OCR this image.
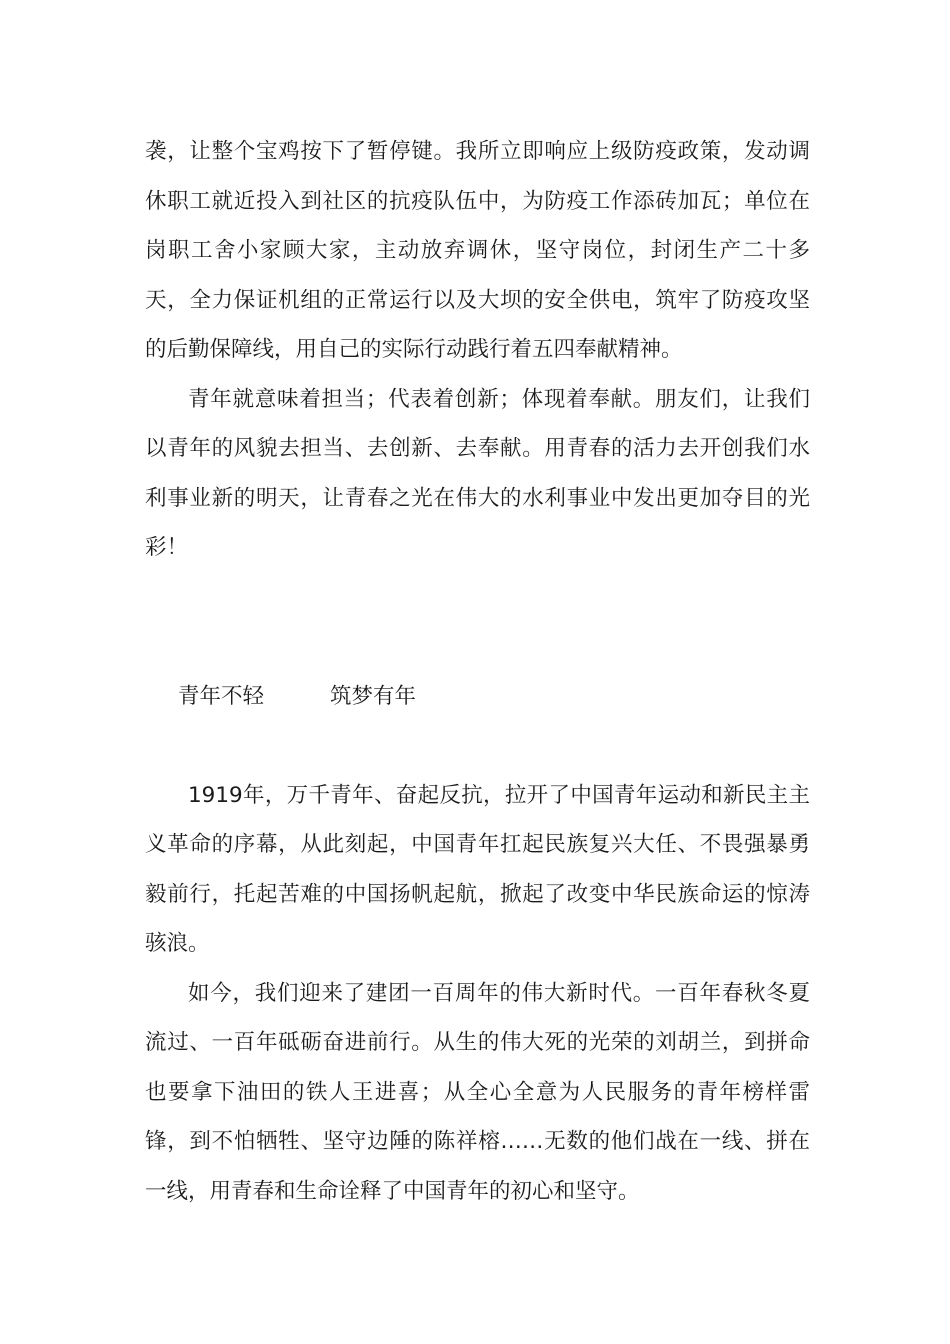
袭，让整个宝鸡按下了暂停键。我所立即响应上级防疫政策，发动调休职工就近投入到社区的抗疫队伍中，为防疫工作添砖加瓦；单位在岗职工舍小家顾大家，主动放弃调休，坚守岗位，封闭生产二十多天，全力保证机组的正常运行以及大坝的安全供电，筑牢了防疫攻坚的后勤保障线，用自己的实际行动践行着五四奉献精神。

青年就意味着担当；代表着创新；体现着奉献。朋友们，让我们以青年的风貌去担当、去创新、去奉献。用青春的活力去开创我们水利事业新的明天，让青春之光在伟大的水利事业中发出更加夺目的光彩！

青年不轻	筑梦有年

1919年，万千青年、奋起反抗，拉开了中国青年运动和新民主主义革命的序幕，从此刻起，中国青年扛起民族复兴大任、不畏强暴勇毅前行，托起苦难的中国扬帆起航，掀起了改变中华民族命运的惊涛骇浪。

如今，我们迎来了建团一百周年的伟大新时代。一百年春秋冬夏流过、一百年砥砺奋进前行。从生的伟大死的光荣的刘胡兰，到拼命也要拿下油田的铁人王进喜；从全心全意为人民服务的青年榜样雷锋，到不怕牺牲、坚守边陲的陈祥榕……无数的他们战在一线、拼在一线，用青春和生命诠释了中国青年的初心和坚守。
